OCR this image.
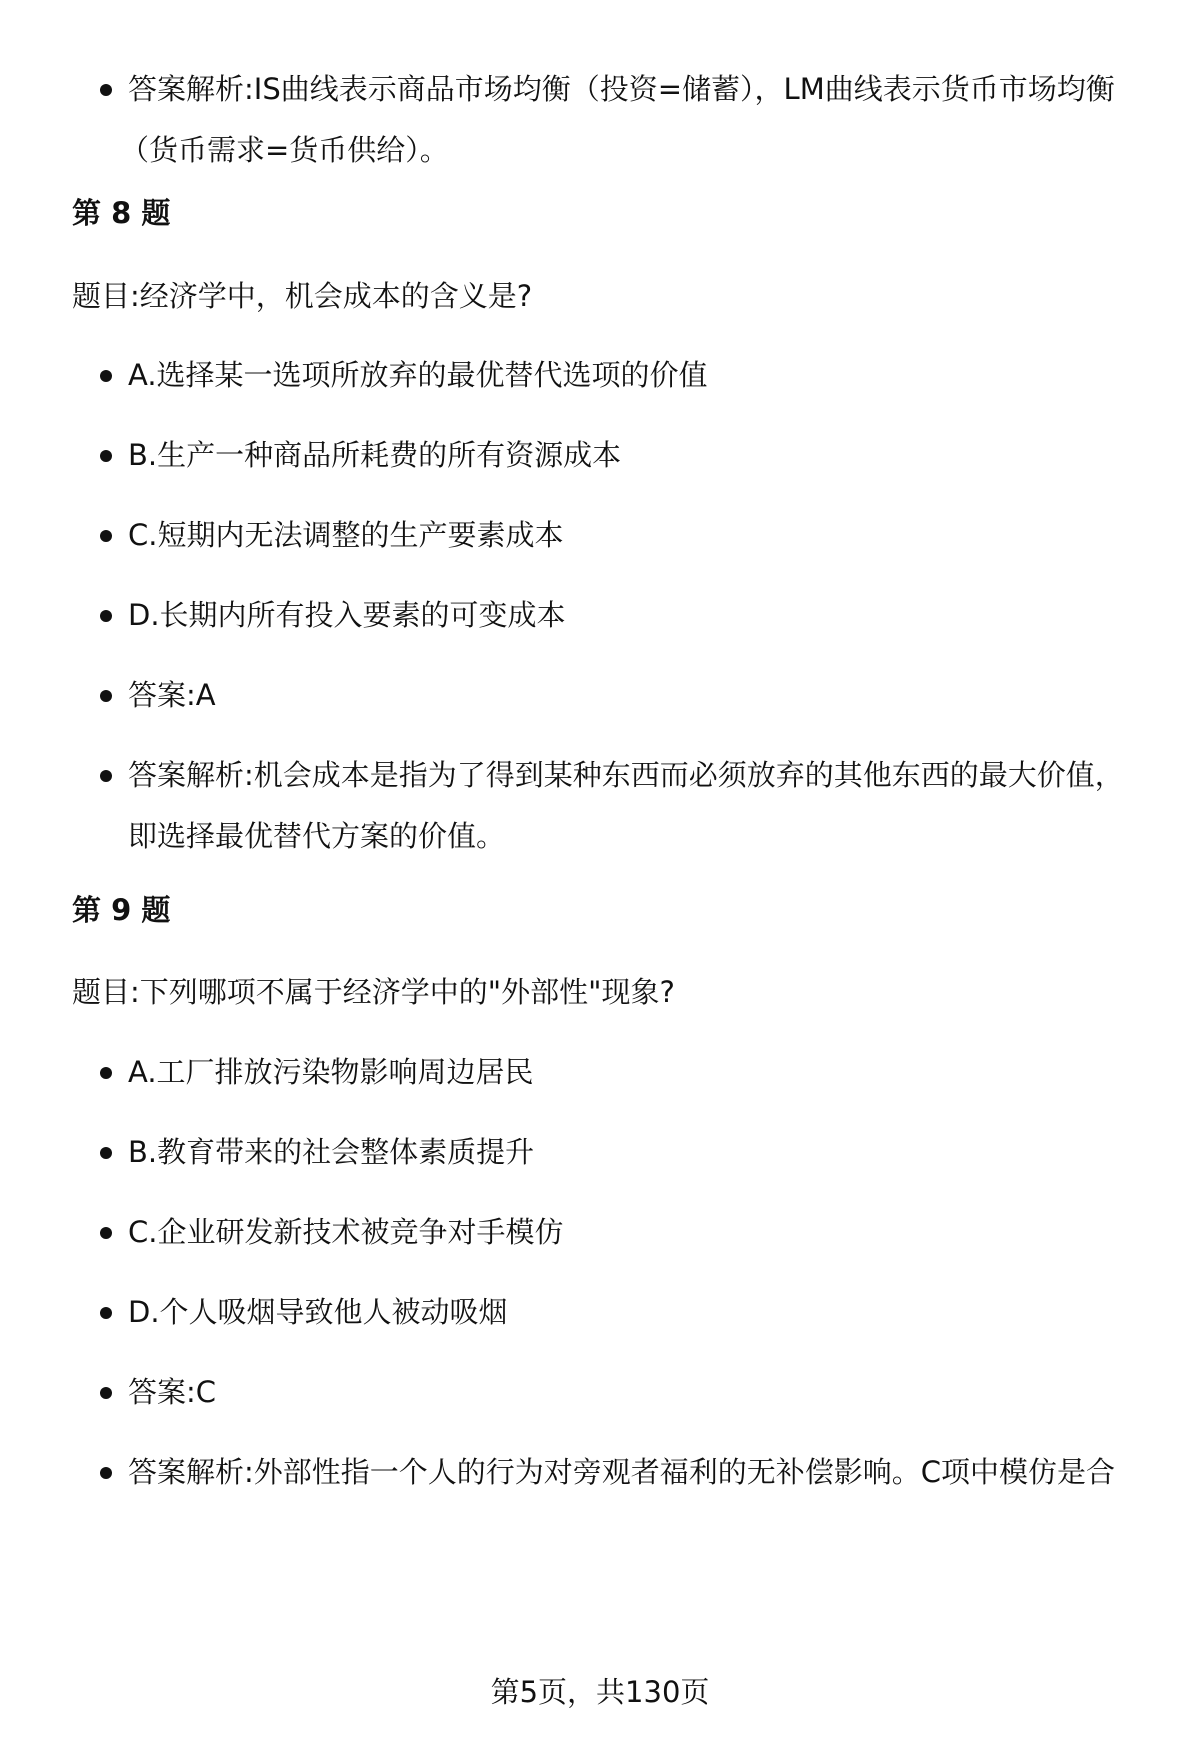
答案解析:IS曲线表示商品市场均衡（投资=储蓄），LM曲线表示货币市场均衡
（货币需求=货币供给）。
第 8 题
题目:经济学中，机会成本的含义是?
A.选择某一选项所放弃的最优替代选项的价值
B.生产一种商品所耗费的所有资源成本
C.短期内无法调整的生产要素成本
D.长期内所有投入要素的可变成本
答案:A
答案解析:机会成本是指为了得到某种东西而必须放弃的其他东西的最大价值，
即选择最优替代方案的价值。
第 9 题
题目:下列哪项不属于经济学中的"外部性"现象?
A.工厂排放污染物影响周边居民
B.教育带来的社会整体素质提升
C.企业研发新技术被竞争对手模仿
D.个人吸烟导致他人被动吸烟
答案:C
答案解析:外部性指一个人的行为对旁观者福利的无补偿影响。C项中模仿是合
第5页，共130页
